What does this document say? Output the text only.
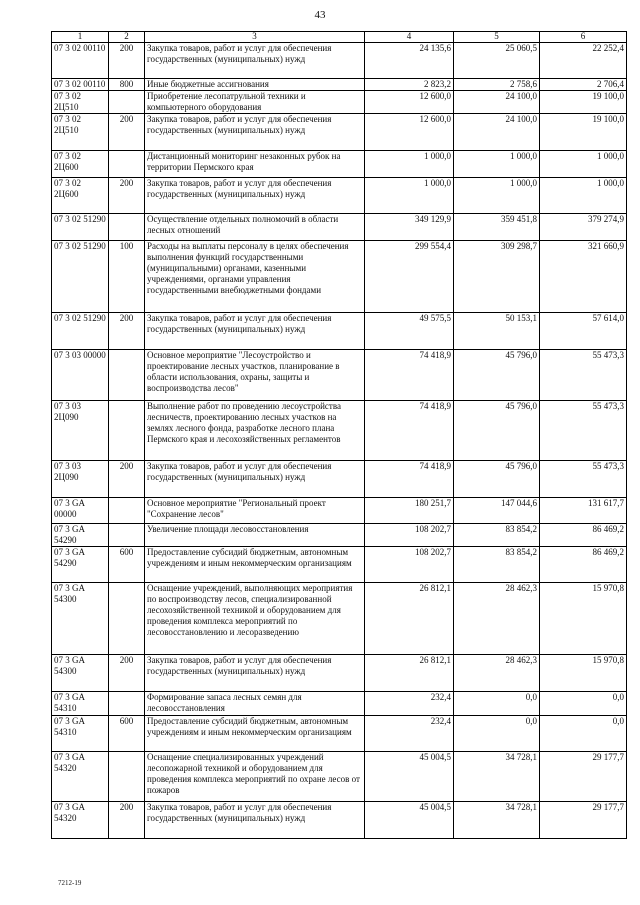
43
1	2	3	4	5	6
07 3 02 00110	200	Закупка товаров, работ и услуг для обеспечения государственных (муниципальных) нужд	24 135,6	25 060,5	22 252,4
07 3 02 00110	800	Иные бюджетные ассигнования	2 823,2	2 758,6	2 706,4
07 3 02 2Ц510		Приобретение лесопатрульной техники и компьютерного оборудования	12 600,0	24 100,0	19 100,0
07 3 02 2Ц510	200	Закупка товаров, работ и услуг для обеспечения государственных (муниципальных) нужд	12 600,0	24 100,0	19 100,0
07 3 02 2Ц600		Дистанционный мониторинг незаконных рубок на территории Пермского края	1 000,0	1 000,0	1 000,0
07 3 02 2Ц600	200	Закупка товаров, работ и услуг для обеспечения государственных (муниципальных) нужд	1 000,0	1 000,0	1 000,0
07 3 02 51290		Осуществление отдельных полномочий в области лесных отношений	349 129,9	359 451,8	379 274,9
07 3 02 51290	100	Расходы на выплаты персоналу в целях обеспечения выполнения функций государственными (муниципальными) органами, казенными учреждениями, органами управления государственными внебюджетными фондами	299 554,4	309 298,7	321 660,9
07 3 02 51290	200	Закупка товаров, работ и услуг для обеспечения государственных (муниципальных) нужд	49 575,5	50 153,1	57 614,0
07 3 03 00000		Основное мероприятие "Лесоустройство и проектирование лесных участков, планирование в области использования, охраны, защиты и воспроизводства лесов"	74 418,9	45 796,0	55 473,3
07 3 03 2Ц090		Выполнение работ по проведению лесоустройства лесничеств, проектированию лесных участков на землях лесного фонда, разработке лесного плана Пермского края и лесохозяйственных регламентов	74 418,9	45 796,0	55 473,3
07 3 03 2Ц090	200	Закупка товаров, работ и услуг для обеспечения государственных (муниципальных) нужд	74 418,9	45 796,0	55 473,3
07 3 GA 00000		Основное мероприятие "Региональный проект "Сохранение лесов"	180 251,7	147 044,6	131 617,7
07 3 GA 54290		Увеличение площади лесовосстановления	108 202,7	83 854,2	86 469,2
07 3 GA 54290	600	Предоставление субсидий бюджетным, автономным учреждениям и иным некоммерческим организациям	108 202,7	83 854,2	86 469,2
07 3 GA 54300		Оснащение учреждений, выполняющих мероприятия по воспроизводству лесов, специализированной лесохозяйственной техникой и оборудованием для проведения комплекса мероприятий по лесовосстановлению и лесоразведению	26 812,1	28 462,3	15 970,8
07 3 GA 54300	200	Закупка товаров, работ и услуг для обеспечения государственных (муниципальных) нужд	26 812,1	28 462,3	15 970,8
07 3 GA 54310		Формирование запаса лесных семян для лесовосстановления	232,4	0,0	0,0
07 3 GA 54310	600	Предоставление субсидий бюджетным, автономным учреждениям и иным некоммерческим организациям	232,4	0,0	0,0
07 3 GA 54320		Оснащение специализированных учреждений лесопожарной техникой и оборудованием для проведения комплекса мероприятий по охране лесов от пожаров	45 004,5	34 728,1	29 177,7
07 3 GA 54320	200	Закупка товаров, работ и услуг для обеспечения государственных (муниципальных) нужд	45 004,5	34 728,1	29 177,7
7212-19
